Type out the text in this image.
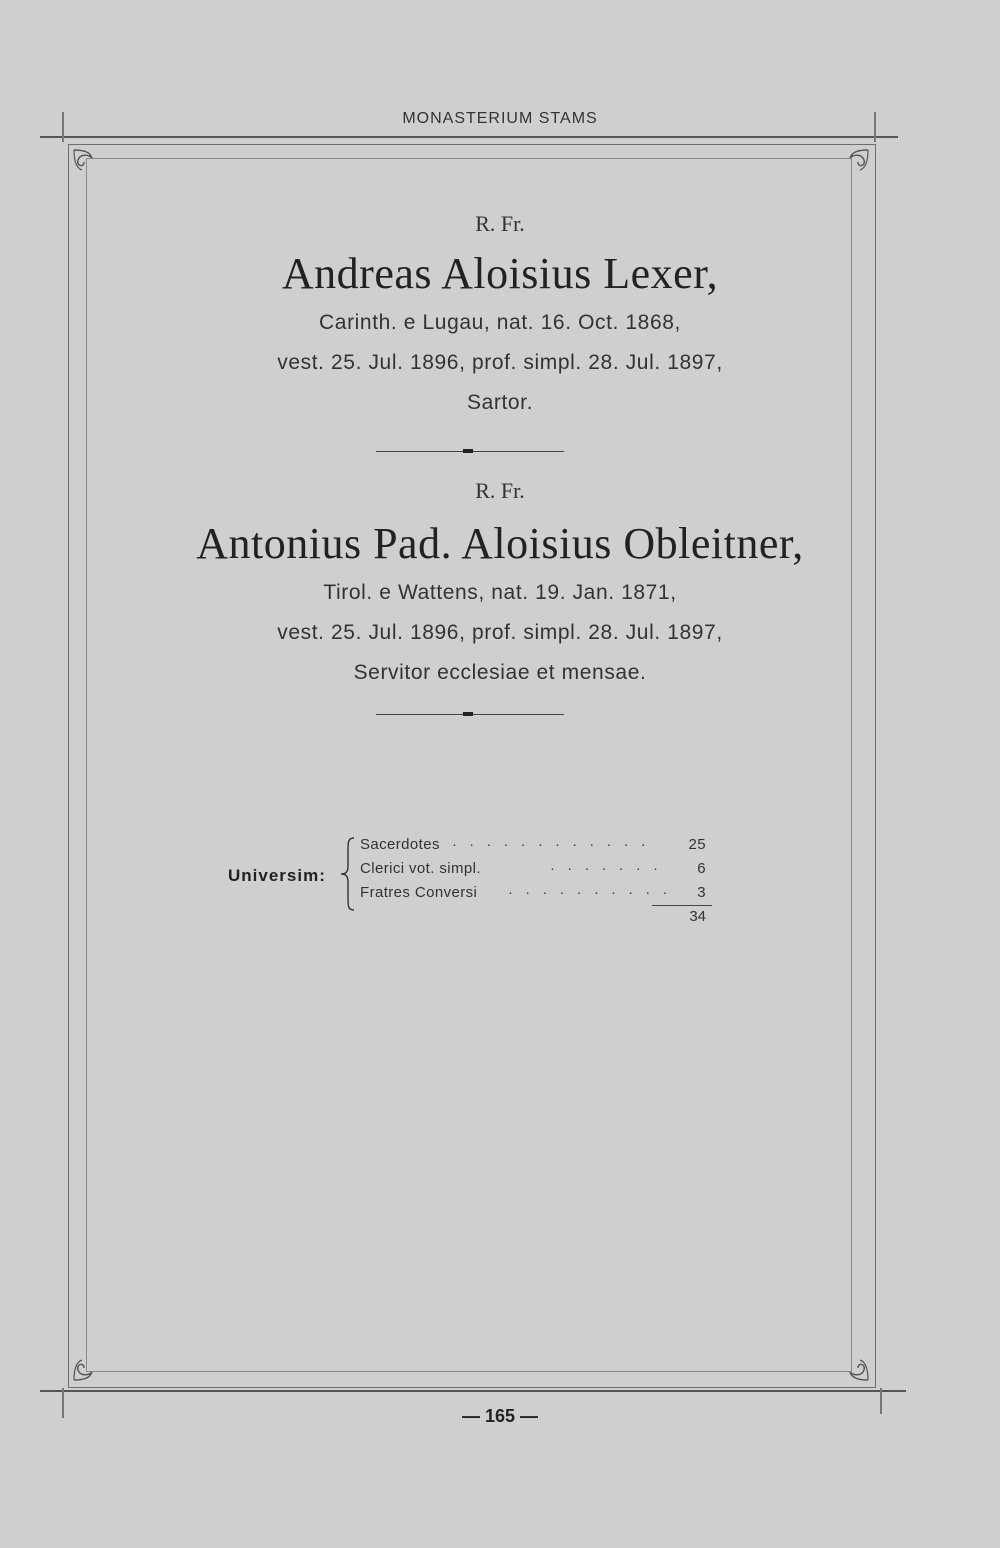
MONASTERIUM STAMS
R. Fr.
Andreas Aloisius Lexer,
Carinth. e Lugau, nat. 16. Oct. 1868,
vest. 25. Jul. 1896, prof. simpl. 28. Jul. 1897,
Sartor.
R. Fr.
Antonius Pad. Aloisius Obleitner,
Tirol. e Wattens, nat. 19. Jan. 1871,
vest. 25. Jul. 1896, prof. simpl. 28. Jul. 1897,
Servitor ecclesiae et mensae.
Universim:
Sacerdotes · · · · · · · · · · · ·	25
Clerici vot. simpl.	· · · · · · · 6
Fratres Conversi · · · · · · · · · · 3
34
— 165 —
